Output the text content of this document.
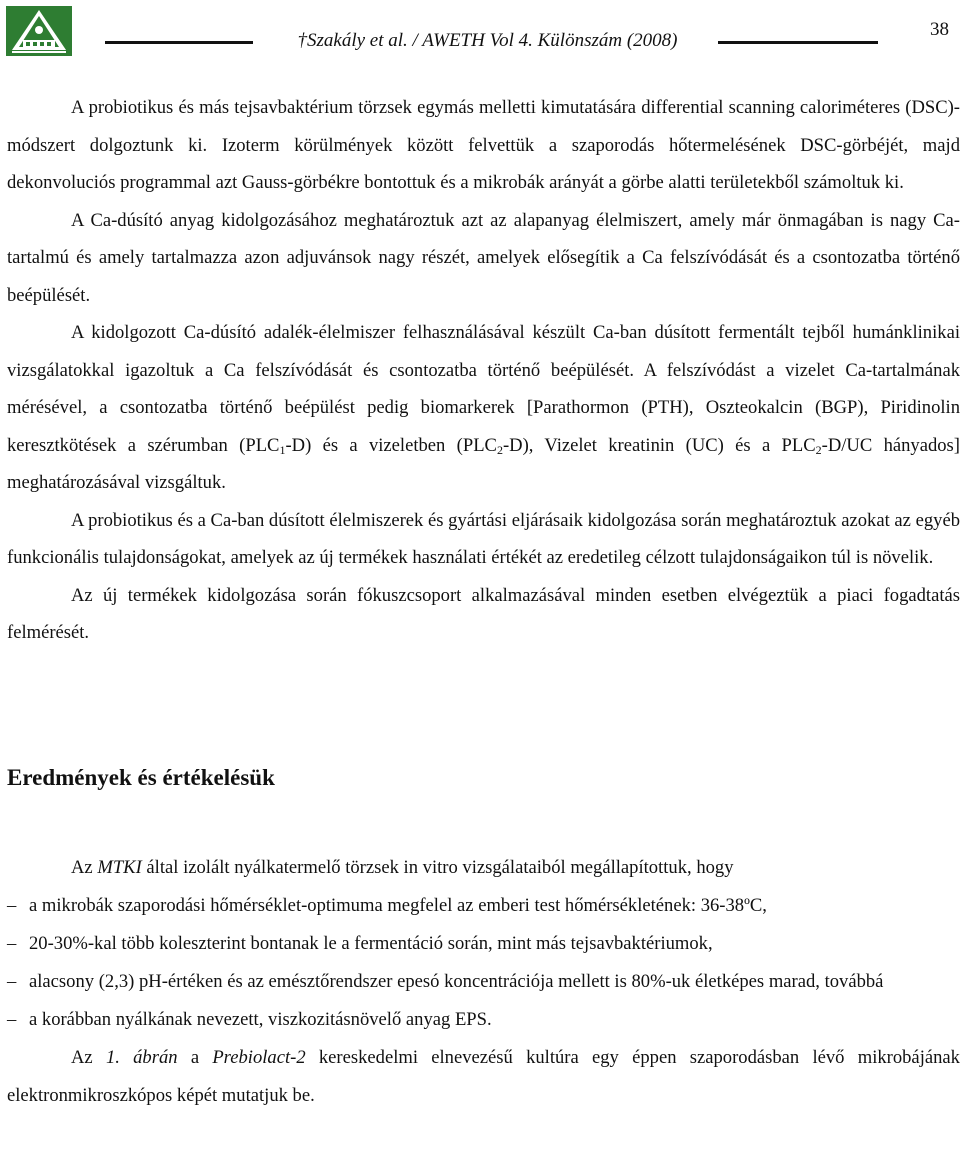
†Szakály et al. / AWETH Vol 4. Különszám (2008)
38

A probiotikus és más tejsavbaktérium törzsek egymás melletti kimutatására differential scanning caloriméteres (DSC)-módszert dolgoztunk ki. Izoterm körülmények között felvettük a szaporodás hőtermelésének DSC-görbéjét, majd dekonvoluciós programmal azt Gauss-görbékre bontottuk és a mikrobák arányát a görbe alatti területekből számoltuk ki.

A Ca-dúsító anyag kidolgozásához meghatároztuk azt az alapanyag élelmiszert, amely már önmagában is nagy Ca-tartalmú és amely tartalmazza azon adjuvánsok nagy részét, amelyek elősegítik a Ca felszívódását és a csontozatba történő beépülését.

A kidolgozott Ca-dúsító adalék-élelmiszer felhasználásával készült Ca-ban dúsított fermentált tejből humánklinikai vizsgálatokkal igazoltuk a Ca felszívódását és csontozatba történő beépülését. A felszívódást a vizelet Ca-tartalmának mérésével, a csontozatba történő beépülést pedig biomarkerek [Parathormon (PTH), Oszteokalcin (BGP), Piridinolin keresztkötések a szérumban $(PLC_1-D)$ és a vizeletben $(PLC_2-D)$, Vizelet kreatinin (UC) és a $PLC_2-D/UC$ hányados] meghatározásával vizsgáltuk.

A probiotikus és a Ca-ban dúsított élelmiszerek és gyártási eljárásaik kidolgozása során meghatároztuk azokat az egyéb funkcionális tulajdonságokat, amelyek az új termékek használati értékét az eredetileg célzott tulajdonságaikon túl is növelik.

Az új termékek kidolgozása során fókuszcsoport alkalmazásával minden esetben elvégeztük a piaci fogadtatás felmérését.

Eredmények és értékelésük

Az MTKI által izolált nyálkatermelő törzsek in vitro vizsgálataiból megállapítottuk, hogy

– a mikrobák szaporodási hőmérséklet-optimuma megfelel az emberi test hőmérsékletének: 36-38ºC,
– 20-30%-kal több koleszterint bontanak le a fermentáció során, mint más tejsavbaktériumok,
– alacsony (2,3) pH-értéken és az emésztőrendszer epesó koncentrációja mellett is 80%-uk életképes marad, továbbá
– a korábban nyálkának nevezett, viszkozitásnövelő anyag EPS.

Az 1. ábrán a Prebiolact-2 kereskedelmi elnevezésű kultúra egy éppen szaporodásban lévő mikrobájának elektronmikroszkópos képét mutatjuk be.
